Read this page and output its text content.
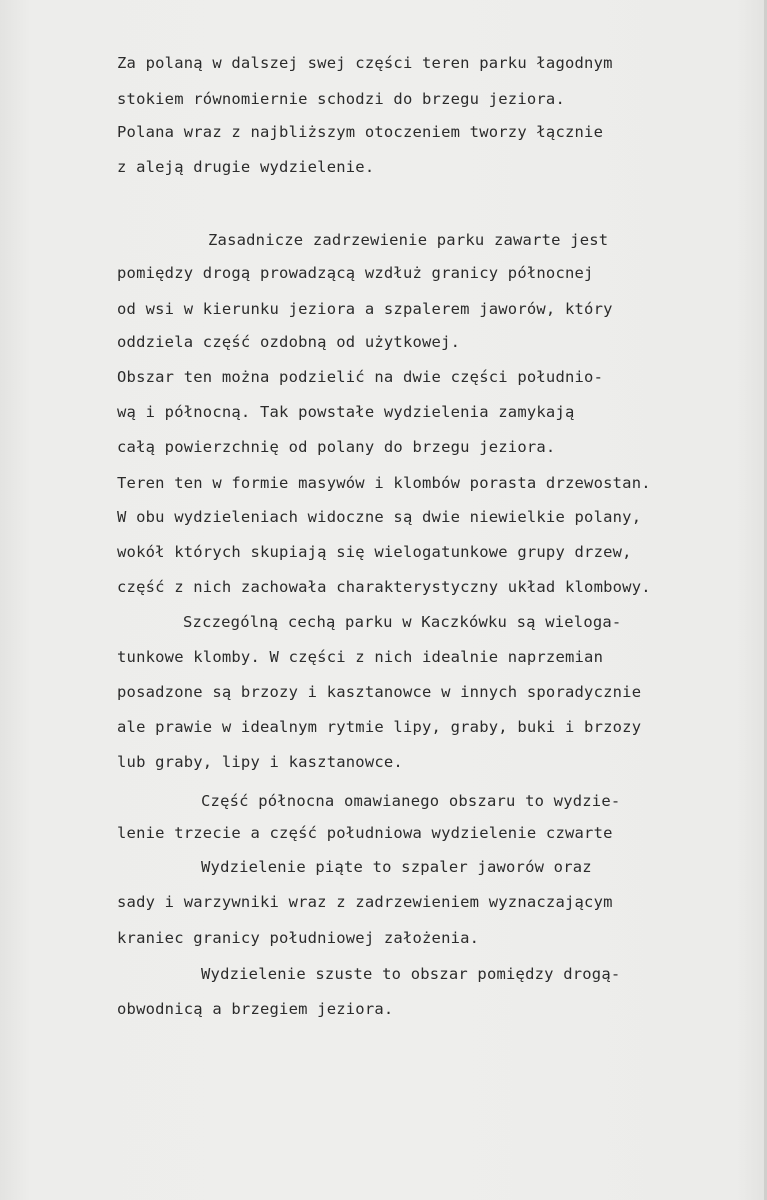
Za polaną w dalszej swej części teren parku łagodnym
stokiem równomiernie schodzi do brzegu jeziora.
Polana wraz z najbliższym otoczeniem tworzy łącznie
z aleją drugie wydzielenie.
Zasadnicze zadrzewienie parku zawarte jest
pomiędzy drogą prowadzącą wzdłuż granicy północnej
od wsi w kierunku jeziora a szpalerem jaworów, który
oddziela część ozdobną od użytkowej.
Obszar ten można podzielić na dwie części południo-
wą i północną. Tak powstałe wydzielenia zamykają
całą powierzchnię od polany do brzegu jeziora.
Teren ten w formie masywów i klombów porasta drzewostan.
W obu wydzieleniach widoczne są dwie niewielkie polany,
wokół których skupiają się wielogatunkowe grupy drzew,
część z nich zachowała charakterystyczny układ klombowy.
Szczególną cechą parku w Kaczkówku są wieloga-
tunkowe klomby. W części z nich idealnie naprzemian
posadzone są brzozy i kasztanowce w innych sporadycznie
ale prawie w idealnym rytmie lipy, graby, buki i brzozy
lub graby, lipy i kasztanowce.
Część północna omawianego obszaru to wydzie-
lenie trzecie a część południowa wydzielenie czwarte
Wydzielenie piąte to szpaler jaworów oraz
sady i warzywniki wraz z zadrzewieniem wyznaczającym
kraniec granicy południowej założenia.
Wydzielenie szuste to obszar pomiędzy drogą-
obwodnicą a brzegiem jeziora.
